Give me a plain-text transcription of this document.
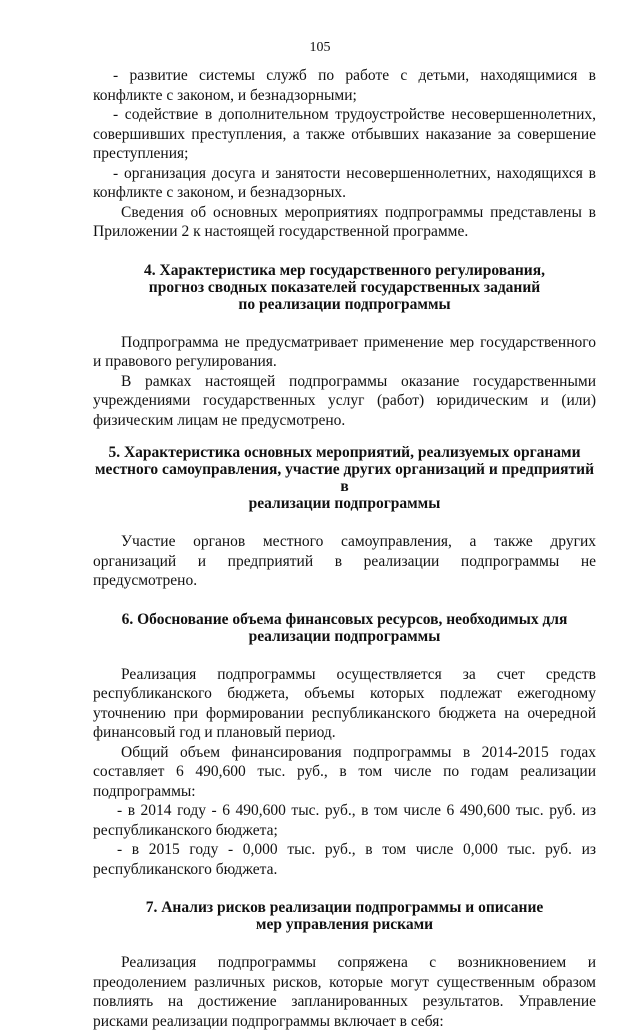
105

- развитие системы служб по работе с детьми, находящимися в конфликте с законом, и безнадзорными;

- содействие в дополнительном трудоустройстве несовершеннолетних, совершивших преступления, а также отбывших наказание за совершение преступления;

- организация досуга и занятости несовершеннолетних, находящихся в конфликте с законом, и безнадзорных.

Сведения об основных мероприятиях подпрограммы представлены в Приложении 2 к настоящей государственной программе.

4. Характеристика мер государственного регулирования,
прогноз сводных показателей государственных заданий
по реализации подпрограммы

Подпрограмма не предусматривает применение мер государственного и правового регулирования.

В рамках настоящей подпрограммы оказание государственными учреждениями государственных услуг (работ) юридическим и (или) физическим лицам не предусмотрено.

5. Характеристика основных мероприятий, реализуемых органами
местного самоуправления, участие других организаций и предприятий в
реализации подпрограммы

Участие органов местного самоуправления, а также других организаций и предприятий в реализации подпрограммы не предусмотрено.

6. Обоснование объема финансовых ресурсов, необходимых для
реализации подпрограммы

Реализация подпрограммы осуществляется за счет средств республиканского бюджета, объемы которых подлежат ежегодному уточнению при формировании республиканского бюджета на очередной финансовый год и плановый период.

Общий объем финансирования подпрограммы в 2014-2015 годах составляет 6 490,600 тыс. руб., в том числе по годам реализации подпрограммы:

- в 2014 году - 6 490,600 тыс. руб., в том числе 6 490,600 тыс. руб. из республиканского бюджета;

- в 2015 году - 0,000 тыс. руб., в том числе 0,000 тыс. руб. из республиканского бюджета.

7. Анализ рисков реализации подпрограммы и описание
мер управления рисками

Реализация подпрограммы сопряжена с возникновением и преодолением различных рисков, которые могут существенным образом повлиять на достижение запланированных результатов. Управление рисками реализации подпрограммы включает в себя:
